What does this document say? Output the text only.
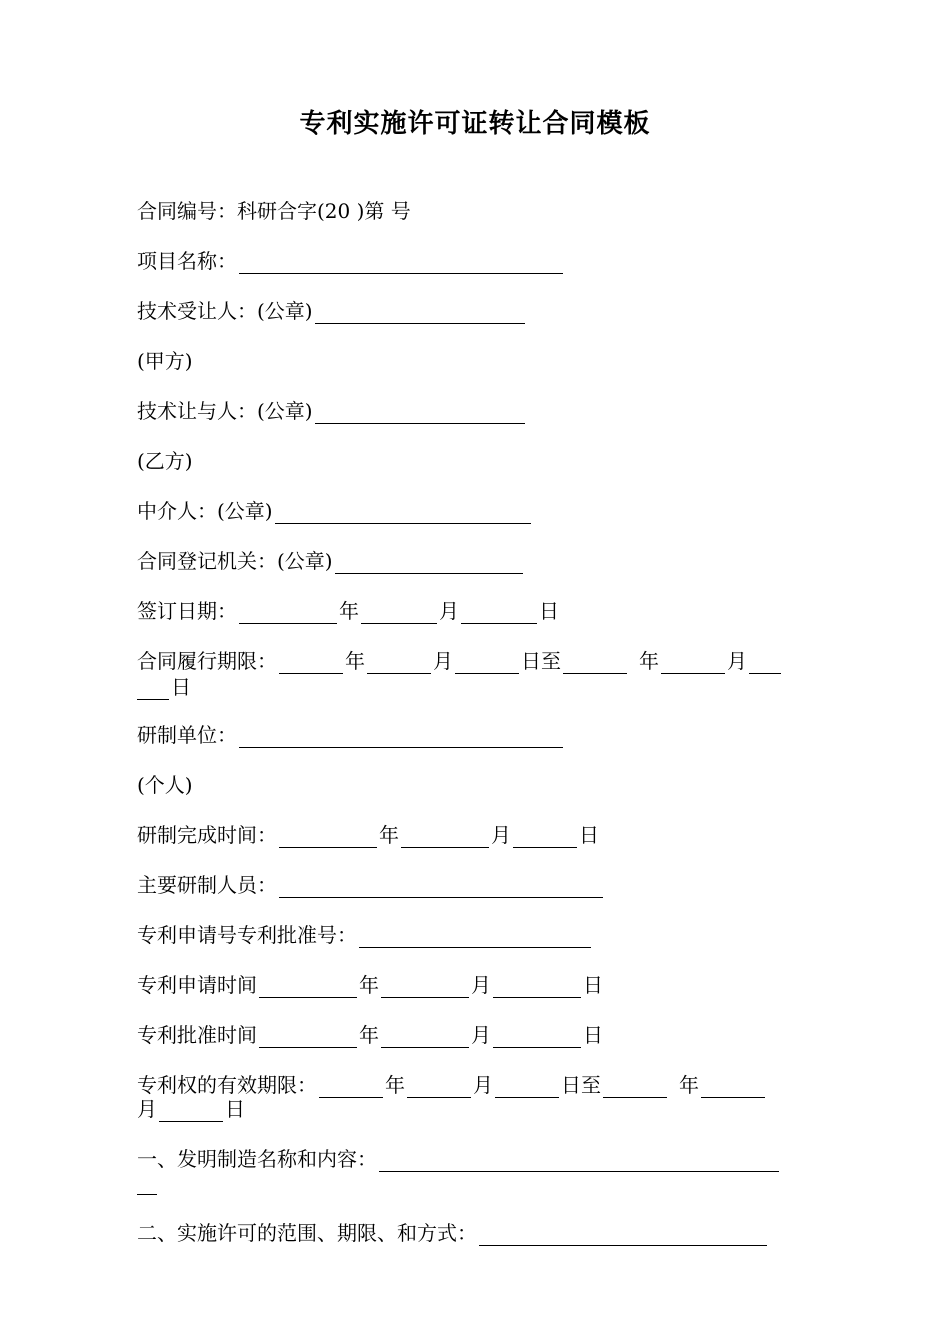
专利实施许可证转让合同模板
合同编号：科研合字(20 )第 号
项目名称：
技术受让人：(公章)
(甲方)
技术让与人：(公章)
(乙方)
中介人：(公章)
合同登记机关：(公章)
签订日期：	年	月	日
合同履行期限：	年	月	日至	年	月
日
研制单位：
(个人)
研制完成时间：	年	月	日
主要研制人员：
专利申请号专利批准号：
专利申请时间	年	月	日
专利批准时间	年	月	日
专利权的有效期限：	年	月	日至	年
月	日
一、发明制造名称和内容：
二、实施许可的范围、期限、和方式：
